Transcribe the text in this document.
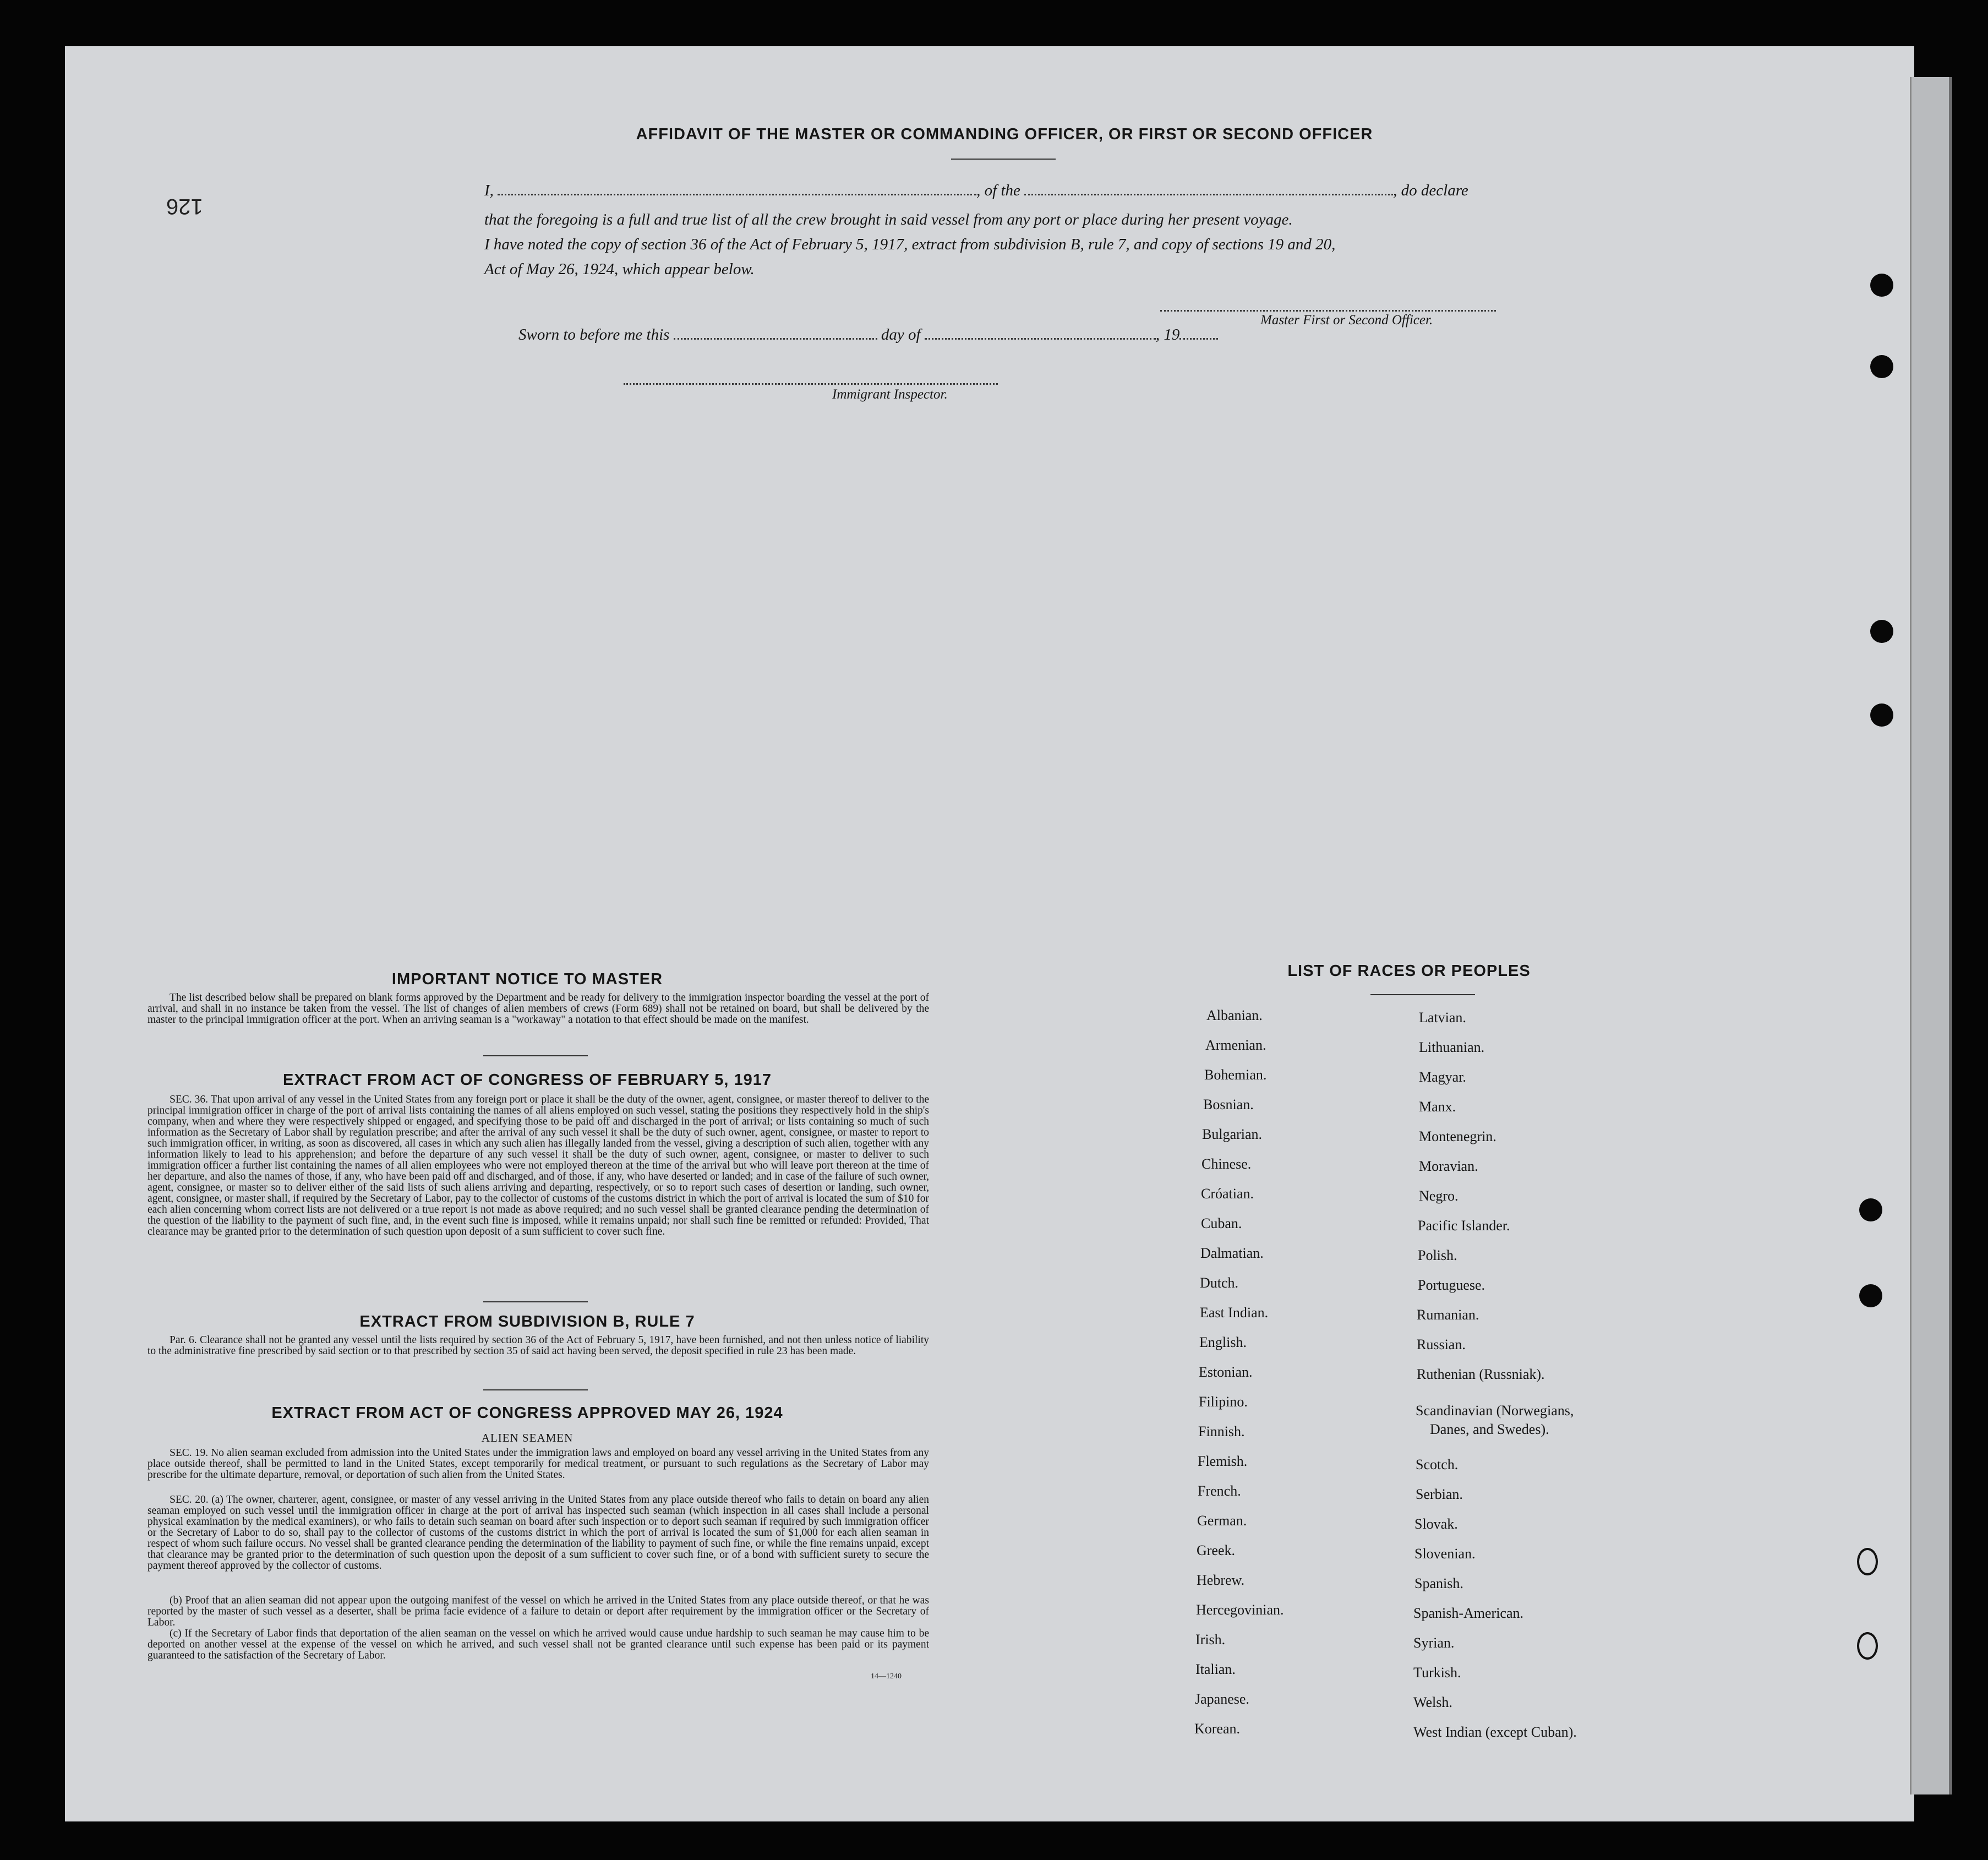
126
AFFIDAVIT OF THE MASTER OR COMMANDING OFFICER, OR FIRST OR SECOND OFFICER
I,	, of the	, do declare
that the foregoing is a full and true list of all the crew brought in said vessel from any port or place during her present voyage.
I have noted the copy of section 36 of the Act of February 5, 1917, extract from subdivision B, rule 7, and copy of sections 19 and 20,
Act of May 26, 1924, which appear below.
Master First or Second Officer.
Sworn to before me this	day of	, 19
Immigrant Inspector.
IMPORTANT NOTICE TO MASTER
The list described below shall be prepared on blank forms approved by the Department and be ready for delivery to the immigration inspector boarding the vessel at the port of arrival, and shall in no instance be taken from the vessel. The list of changes of alien members of crews (Form 689) shall not be retained on board, but shall be delivered by the master to the principal immigration officer at the port. When an arriving seaman is a "workaway" a notation to that effect should be made on the manifest.
EXTRACT FROM ACT OF CONGRESS OF FEBRUARY 5, 1917
SEC. 36. That upon arrival of any vessel in the United States from any foreign port or place it shall be the duty of the owner, agent, consignee, or master thereof to deliver to the principal immigration officer in charge of the port of arrival lists containing the names of all aliens employed on such vessel, stating the positions they respectively hold in the ship's company, when and where they were respectively shipped or engaged, and specifying those to be paid off and discharged in the port of arrival; or lists containing so much of such information as the Secretary of Labor shall by regulation prescribe; and after the arrival of any such vessel it shall be the duty of such owner, agent, consignee, or master to report to such immigration officer, in writing, as soon as discovered, all cases in which any such alien has illegally landed from the vessel, giving a description of such alien, together with any information likely to lead to his apprehension; and before the departure of any such vessel it shall be the duty of such owner, agent, consignee, or master to deliver to such immigration officer a further list containing the names of all alien employees who were not employed thereon at the time of the arrival but who will leave port thereon at the time of her departure, and also the names of those, if any, who have been paid off and discharged, and of those, if any, who have deserted or landed; and in case of the failure of such owner, agent, consignee, or master so to deliver either of the said lists of such aliens arriving and departing, respectively, or so to report such cases of desertion or landing, such owner, agent, consignee, or master shall, if required by the Secretary of Labor, pay to the collector of customs of the customs district in which the port of arrival is located the sum of $10 for each alien concerning whom correct lists are not delivered or a true report is not made as above required; and no such vessel shall be granted clearance pending the determination of the question of the liability to the payment of such fine, and, in the event such fine is imposed, while it remains unpaid; nor shall such fine be remitted or refunded: Provided, That clearance may be granted prior to the determination of such question upon deposit of a sum sufficient to cover such fine.
EXTRACT FROM SUBDIVISION B, RULE 7
Par. 6. Clearance shall not be granted any vessel until the lists required by section 36 of the Act of February 5, 1917, have been furnished, and not then unless notice of liability to the administrative fine prescribed by said section or to that prescribed by section 35 of said act having been served, the deposit specified in rule 23 has been made.
EXTRACT FROM ACT OF CONGRESS APPROVED MAY 26, 1924
ALIEN SEAMEN
SEC. 19. No alien seaman excluded from admission into the United States under the immigration laws and employed on board any vessel arriving in the United States from any place outside thereof, shall be permitted to land in the United States, except temporarily for medical treatment, or pursuant to such regulations as the Secretary of Labor may prescribe for the ultimate departure, removal, or deportation of such alien from the United States.
SEC. 20. (a) The owner, charterer, agent, consignee, or master of any vessel arriving in the United States from any place outside thereof who fails to detain on board any alien seaman employed on such vessel until the immigration officer in charge at the port of arrival has inspected such seaman (which inspection in all cases shall include a personal physical examination by the medical examiners), or who fails to detain such seaman on board after such inspection or to deport such seaman if required by such immigration officer or the Secretary of Labor to do so, shall pay to the collector of customs of the customs district in which the port of arrival is located the sum of $1,000 for each alien seaman in respect of whom such failure occurs. No vessel shall be granted clearance pending the determination of the liability to payment of such fine, or while the fine remains unpaid, except that clearance may be granted prior to the determination of such question upon the deposit of a sum sufficient to cover such fine, or of a bond with sufficient surety to secure the payment thereof approved by the collector of customs.
(b) Proof that an alien seaman did not appear upon the outgoing manifest of the vessel on which he arrived in the United States from any place outside thereof, or that he was reported by the master of such vessel as a deserter, shall be prima facie evidence of a failure to detain or deport after requirement by the immigration officer or the Secretary of Labor.
(c) If the Secretary of Labor finds that deportation of the alien seaman on the vessel on which he arrived would cause undue hardship to such seaman he may cause him to be deported on another vessel at the expense of the vessel on which he arrived, and such vessel shall not be granted clearance until such expense has been paid or its payment guaranteed to the satisfaction of the Secretary of Labor.
14—1240
LIST OF RACES OR PEOPLES
Albanian.
Armenian.
Bohemian.
Bosnian.
Bulgarian.
Chinese.
Cróatian.
Cuban.
Dalmatian.
Dutch.
East Indian.
English.
Estonian.
Filipino.
Finnish.
Flemish.
French.
German.
Greek.
Hebrew.
Hercegovinian.
Irish.
Italian.
Japanese.
Korean.
Latvian.
Lithuanian.
Magyar.
Manx.
Montenegrin.
Moravian.
Negro.
Pacific Islander.
Polish.
Portuguese.
Rumanian.
Russian.
Ruthenian (Russniak).
Scandinavian (Norwegians,
Danes, and Swedes).
Scotch.
Serbian.
Slovak.
Slovenian.
Spanish.
Spanish-American.
Syrian.
Turkish.
Welsh.
West Indian (except Cuban).
